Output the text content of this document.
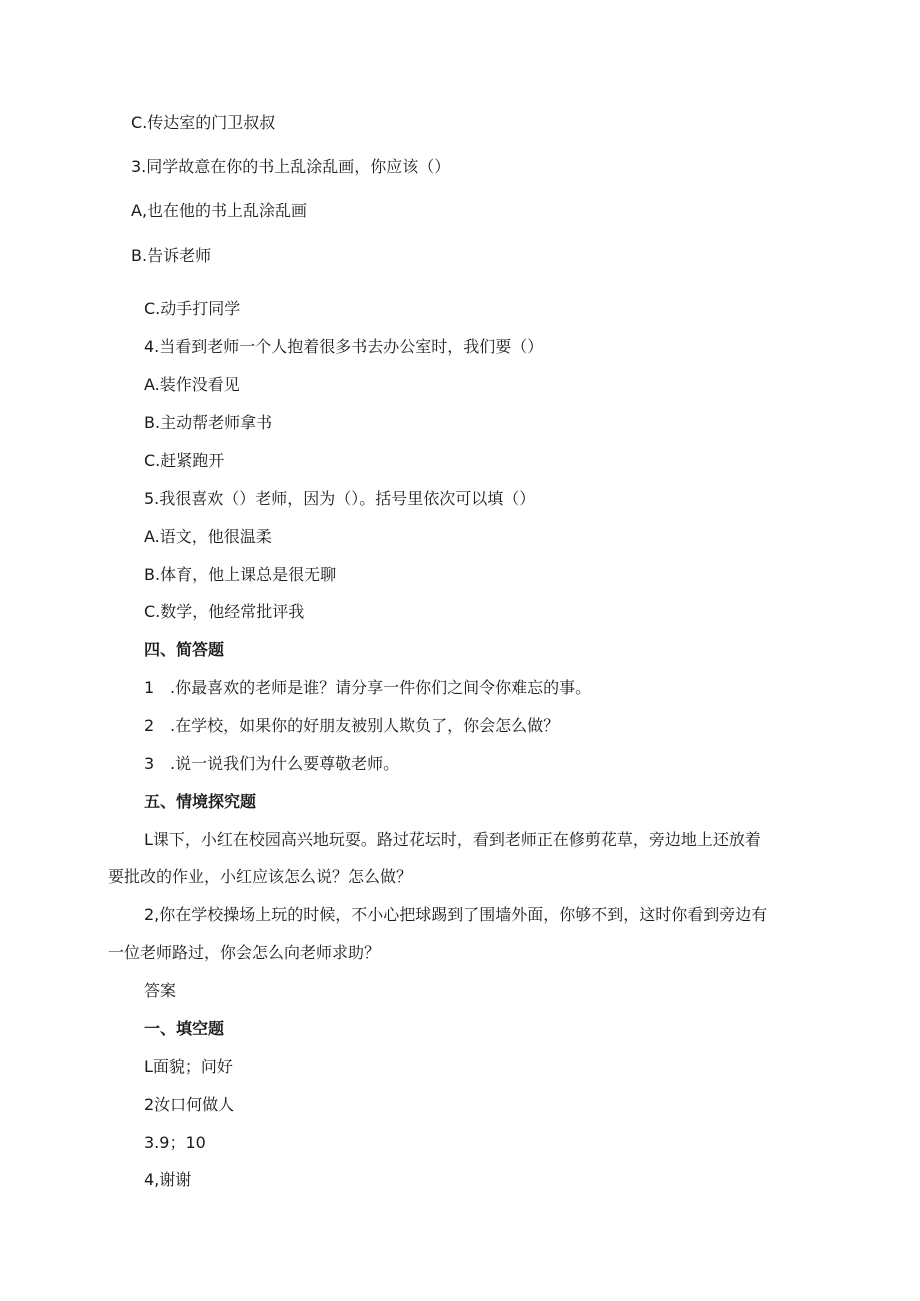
C.传达室的门卫叔叔
3.同学故意在你的书上乱涂乱画，你应该（）
A,也在他的书上乱涂乱画
B.告诉老师
C.动手打同学
4.当看到老师一个人抱着很多书去办公室时，我们要（）
A.装作没看见
B.主动帮老师拿书
C.赶紧跑开
5.我很喜欢（）老师，因为（）。括号里依次可以填（）
A.语文，他很温柔
B.体育，他上课总是很无聊
C.数学，他经常批评我
四、简答题
1 .你最喜欢的老师是谁？请分享一件你们之间令你难忘的事。
2 .在学校，如果你的好朋友被别人欺负了，你会怎么做？
3 .说一说我们为什么要尊敬老师。
五、情境探究题
L课下，小红在校园高兴地玩耍。路过花坛时，看到老师正在修剪花草，旁边地上还放着
要批改的作业，小红应该怎么说？怎么做？
2,你在学校操场上玩的时候，不小心把球踢到了围墙外面，你够不到，这时你看到旁边有
一位老师路过，你会怎么向老师求助？
答案
一、填空题
L面貌；问好
2汝口何做人
3.9；10
4,谢谢
